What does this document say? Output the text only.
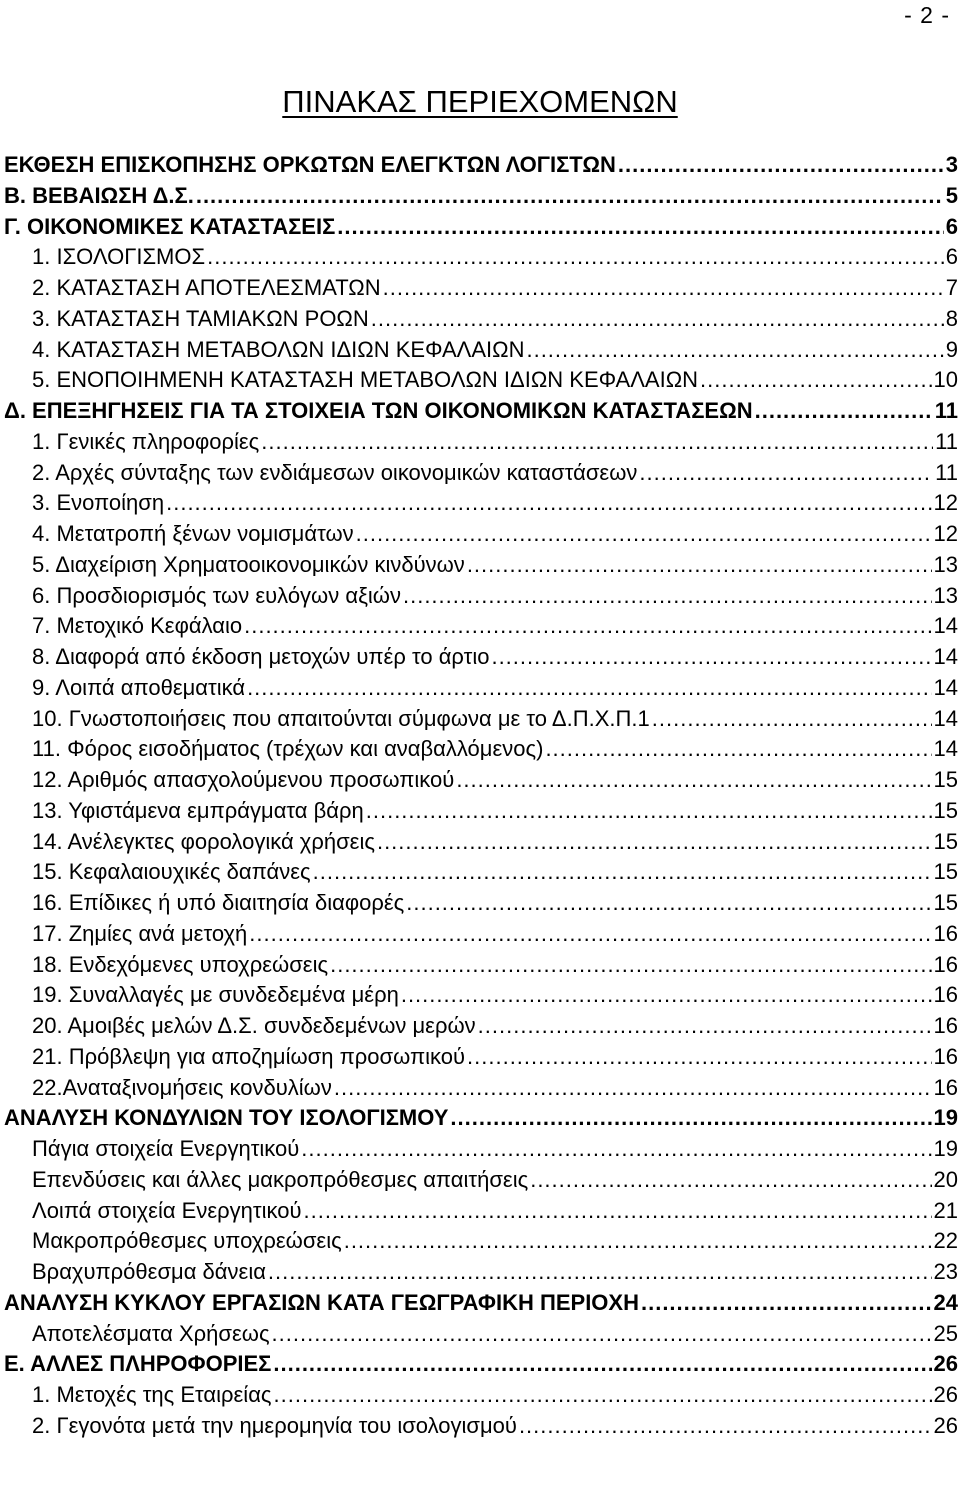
- 2 -
ΠΙΝΑΚΑΣ ΠΕΡΙΕΧΟΜΕΝΩΝ
ΕΚΘΕΣΗ ΕΠΙΣΚΟΠΗΣΗΣ ΟΡΚΩΤΩΝ ΕΛΕΓΚΤΩΝ ΛΟΓΙΣΤΩΝ .....	3
Β. ΒΕΒΑΙΩΣΗ Δ.Σ. .....	5
Γ. ΟΙΚΟΝΟΜΙΚΕΣ ΚΑΤΑΣΤΑΣΕΙΣ .....	6
1. ΙΣΟΛΟΓΙΣΜΟΣ .....	6
2. ΚΑΤΑΣΤΑΣΗ ΑΠΟΤΕΛΕΣΜΑΤΩΝ .....	7
3. ΚΑΤΑΣΤΑΣΗ ΤΑΜΙΑΚΩΝ ΡΟΩΝ .....	8
4. ΚΑΤΑΣΤΑΣΗ ΜΕΤΑΒΟΛΩΝ ΙΔΙΩΝ ΚΕΦΑΛΑΙΩΝ .....	9
5. ΕΝΟΠΟΙΗΜΕΝΗ ΚΑΤΑΣΤΑΣΗ ΜΕΤΑΒΟΛΩΝ ΙΔΙΩΝ ΚΕΦΑΛΑΙΩΝ .....	10
Δ. ΕΠΕΞΗΓΗΣΕΙΣ ΓΙΑ ΤΑ ΣΤΟΙΧΕΙΑ ΤΩΝ ΟΙΚΟΝΟΜΙΚΩΝ ΚΑΤΑΣΤΑΣΕΩΝ .....	11
1. Γενικές πληροφορίες .....	11
2. Αρχές σύνταξης των ενδιάμεσων οικονομικών καταστάσεων .....	11
3. Ενοποίηση .....	12
4. Μετατροπή ξένων νομισμάτων .....	12
5. Διαχείριση Χρηματοοικονομικών κινδύνων .....	13
6. Προσδιορισμός των ευλόγων αξιών .....	13
7. Μετοχικό Κεφάλαιο .....	14
8. Διαφορά από έκδοση μετοχών υπέρ το άρτιο .....	14
9. Λοιπά αποθεματικά .....	14
10. Γνωστοποιήσεις που απαιτούνται σύμφωνα με το Δ.Π.Χ.Π.1 .....	14
11. Φόρος εισοδήματος (τρέχων και αναβαλλόμενος) .....	14
12. Αριθμός απασχολούμενου προσωπικού .....	15
13. Υφιστάμενα εμπράγματα βάρη .....	15
14. Ανέλεγκτες φορολογικά χρήσεις .....	15
15. Κεφαλαιουχικές δαπάνες .....	15
16. Επίδικες ή υπό διαιτησία διαφορές .....	15
17. Ζημίες ανά μετοχή .....	16
18. Ενδεχόμενες υποχρεώσεις .....	16
19. Συναλλαγές με συνδεδεμένα μέρη .....	16
20. Αμοιβές μελών Δ.Σ. συνδεδεμένων μερών .....	16
21. Πρόβλεψη για αποζημίωση προσωπικού .....	16
22.Αναταξινομήσεις κονδυλίων .....	16
ΑΝΑΛΥΣΗ ΚΟΝΔΥΛΙΩΝ ΤΟΥ ΙΣΟΛΟΓΙΣΜΟΥ .....	19
Πάγια στοιχεία Ενεργητικού .....	19
Επενδύσεις και άλλες μακροπρόθεσμες απαιτήσεις .....	20
Λοιπά στοιχεία Ενεργητικού .....	21
Μακροπρόθεσμες υποχρεώσεις .....	22
Βραχυπρόθεσμα δάνεια .....	23
ΑΝΑΛΥΣΗ ΚΥΚΛΟΥ ΕΡΓΑΣΙΩΝ ΚΑΤΑ ΓΕΩΓΡΑΦΙΚΗ ΠΕΡΙΟΧΗ .....	24
Αποτελέσματα Χρήσεως .....	25
Ε. ΑΛΛΕΣ ΠΛΗΡΟΦΟΡΙΕΣ .....	26
1. Μετοχές της Εταιρείας .....	26
2. Γεγονότα μετά την ημερομηνία του ισολογισμού .....	26
